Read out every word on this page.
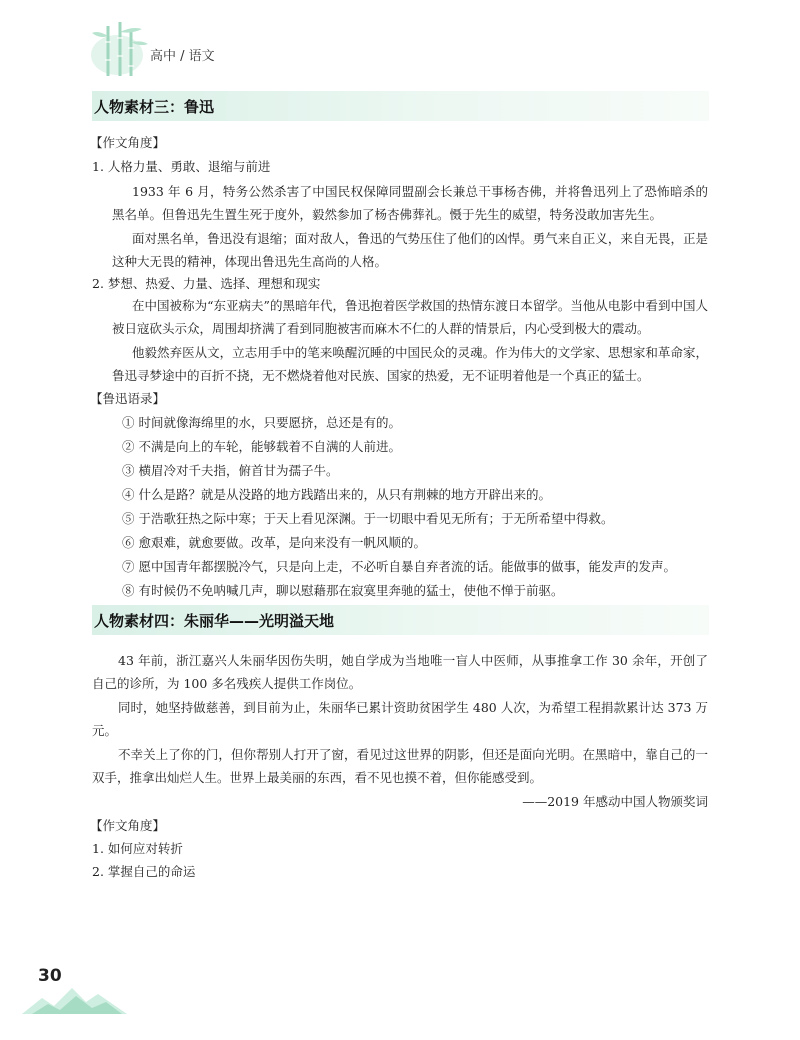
高中 / 语文
人物素材三：鲁迅
【作文角度】
1. 人格力量、勇敢、退缩与前进
1933 年 6 月，特务公然杀害了中国民权保障同盟副会长兼总干事杨杏佛，并将鲁迅列上了恐怖暗杀的黑名单。但鲁迅先生置生死于度外，毅然参加了杨杏佛葬礼。慑于先生的威望，特务没敢加害先生。
面对黑名单，鲁迅没有退缩；面对敌人，鲁迅的气势压住了他们的凶悍。勇气来自正义，来自无畏，正是这种大无畏的精神，体现出鲁迅先生高尚的人格。
2. 梦想、热爱、力量、选择、理想和现实
在中国被称为“东亚病夫”的黑暗年代，鲁迅抱着医学救国的热情东渡日本留学。当他从电影中看到中国人被日寇砍头示众，周围却挤满了看到同胞被害而麻木不仁的人群的情景后，内心受到极大的震动。
他毅然弃医从文，立志用手中的笔来唤醒沉睡的中国民众的灵魂。作为伟大的文学家、思想家和革命家，鲁迅寻梦途中的百折不挠，无不燃烧着他对民族、国家的热爱，无不证明着他是一个真正的猛士。
【鲁迅语录】
① 时间就像海绵里的水，只要愿挤，总还是有的。
② 不满是向上的车轮，能够载着不自满的人前进。
③ 横眉冷对千夫指，俯首甘为孺子牛。
④ 什么是路？就是从没路的地方践踏出来的，从只有荆棘的地方开辟出来的。
⑤ 于浩歌狂热之际中寒；于天上看见深渊。于一切眼中看见无所有；于无所希望中得救。
⑥ 愈艰难，就愈要做。改革，是向来没有一帆风顺的。
⑦ 愿中国青年都摆脱冷气，只是向上走，不必听自暴自弃者流的话。能做事的做事，能发声的发声。
⑧ 有时候仍不免呐喊几声，聊以慰藉那在寂寞里奔驰的猛士，使他不惮于前驱。
人物素材四：朱丽华——光明溢天地
43 年前，浙江嘉兴人朱丽华因伤失明，她自学成为当地唯一盲人中医师，从事推拿工作 30 余年，开创了自己的诊所，为 100 多名残疾人提供工作岗位。
同时，她坚持做慈善，到目前为止，朱丽华已累计资助贫困学生 480 人次，为希望工程捐款累计达 373 万元。
不幸关上了你的门，但你帮别人打开了窗，看见过这世界的阴影，但还是面向光明。在黑暗中，靠自己的一双手，推拿出灿烂人生。世界上最美丽的东西，看不见也摸不着，但你能感受到。
——2019 年感动中国人物颁奖词
【作文角度】
1. 如何应对转折
2. 掌握自己的命运
30
